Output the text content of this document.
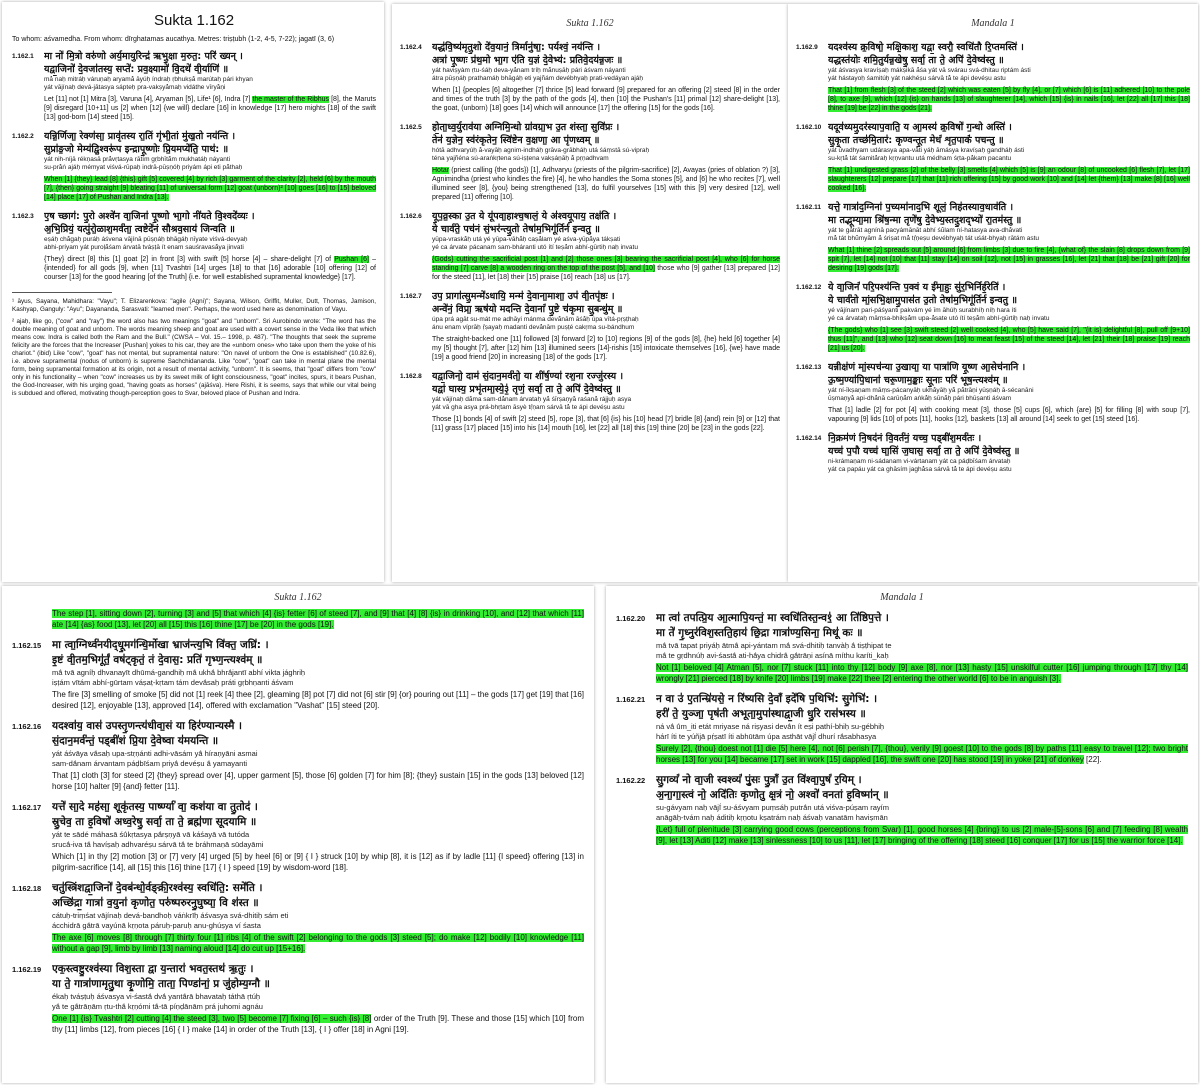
Sukta 1.162
To whom: aśvamedha. From whom: dīrghatamas aucathya. Metres: triṣṭubh (1-2, 4-5, 7-22); jagatī (3, 6)
1.162.1	मा नो॑ मि॒त्रो वरु॑णो अर्य॒मायुरिन्द्र॑ ऋभु॒क्षा म॒रुत॒: परि॑ ख्यन् ।
यद्वा॒जिनो॑ दे॒वजा॑तस्य॒ सप्ते॑: प्रव॒क्ष्यामो॑ वि॒दथे॑ वी॒र्याणि॑ ॥
mā́ naḥ mitráḥ váruṇaḥ aryamā́ āyúḥ índraḥ ṛbhukṣā́ marútaḥ pári khyan
yát vājínaḥ devá-jātasya sáptеḥ pra-vakṣyā́maḥ vidáthe vīryā̀ṇi
Let [11] not [1] Mitra [3], Varuna [4], Aryaman [5], Life¹ [6], Indra [7] the master of the Ribhus [8], the Maruts [9] disregard [10+11] us [2] when [12] {we will} declare [16] in knowledge [17] hero mights [18] of the swift [13] god-born [14] steed [15].
1.162.2	यन्नि॒र्णिजा॒ रेक्ण॑सा॒ प्रावृ॑तस्य रा॒तिं गृ॑भी॒तां मु॑ख॒तो नय॑न्ति ।
सुप्रा॑ङ॒जो मेम्य॑द्वि॒श्वरू॑प इन्द्रापू॒ष्णोः प्रि॒यमप्ये॑ति॒ पाथ॑: ॥
yát nih-níjā rékṇasā prā́vṛtasya rātím gṛbhītā́m mukhatáḥ náyanti
su-prā̀ṅ ajáḥ mémyat viśvá-rūpaḥ indrā-pūṣṇóḥ priyám ápi eti pā́thaḥ
When [1] {they} lead [8] {this} gift [5] covered [4] by rich [3] garment of the clarity [2], held [6] by the mouth [7], {then} going straight [9] bleating [11] of universal form [12] goat (unborn)² [10] goes [16] to [15] beloved [14] place [17] of Pushan and Indra [13].
1.162.3	ए॒ष च्छाग॑: पु॒रो अश्वे॑न वा॒जिना॑ पू॒ष्णो भा॒गो नी॑यते वि॒श्वदे॑व्यः ।
अ॒भि॒प्रियं॒ यत्पु॑रो॒ळाश॒मर्व॑ता॒ त्वष्टेदे॑नं सौश्रव॒साय॑ जिन्वति ॥
eṣáḥ chā́gaḥ puráḥ áśvena vājínā pūṣṇáḥ bhāgáḥ nīyate viśvá-devyaḥ
abhi-príyam yát puroḷā́śam árvatā tváṣṭā ít enam sauśravasā́ya jinvati
{They} direct [8] this [1] goat [2] in front [3] with swift [5] horse [4] – share-delight [7] of Pushan [6] – {intended} for all gods [9], when [11] Tvashtri [14] urges [18] to that [16] adorable [10] offering [12] of courser [13] for the good hearing [of the Truth] {i.e. for well established supramental knowledge} [17].
¹ āyus, Sayana, Mahidhara: "Vayu"; T. Elizarenkova: "agile (Agni)"; Sayana, Wilson, Griffit, Muller, Dutt, Thomas, Jamison, Kashyap, Ganguly: "Ayu"; Dayananda, Sarasvati: "learned men". Perhaps, the word used here as denomination of Vayu.
² ajaḥ, like go, ("cow" and "ray") the word also has two meanings "goat" and "unborn". Sri Aurobindo wrote: "The word has the double meaning of goat and unborn. The words meaning sheep and goat are used with a covert sense in the Veda like that which means cow. Indra is called both the Ram and the Bull." (CWSA – Vol. 15.– 1998, p. 487). "The thoughts that seek the supreme felicity are the forces that the Increaser [Pushan] yokes to his car, they are the «unborn ones» who take upon them the yoke of his chariot." (ibid) Like "cow", "goat" has not mental, but supramental nature: "On navel of unborn the One is established" (10.82.6), i.e. above supramental (nodus of unborn) is supreme Sachchidananda. Like "cow", "goat" can take in mental plane the mental form, being supramental formation at its origin, not a result of mental activity, "unborn". It is seems, that "goat" differs from "cow" only in his functionality – when "cow" increases us by its sweet milk of light consciousness, "goat" incites, spurs, it bears Pushan, the God-Increaser, with his urging goad, "having goats as horses" (ajāśva). Here Rishi, it is seems, says that while our vital being is subdued and offered, motivating though-perception goes to Svar, beloved place of Pushan and Indra.
Sukta 1.162
1.162.4	यद्ध॑वि॒ष्य॑मृतु॒शो दे॑व॒यानं॒ त्रिर्मानु॑षा॒: पर्यश्वं॒ नय॑न्ति ।
अत्रा॑ पू॒ष्णः प्र॑थ॒मो भा॒ग ए॑ति य॒ज्ञं दे॒वेभ्य॑: प्रतिवे॒दय॑न्न॒जः ॥
yát haviṣyàm ṛtu-śáḥ deva-yā́nam tríḥ mā́nuṣāḥ pári áśvam náyanti
átra pūṣṇáḥ prathamáḥ bhāgáḥ eti yajñám devébhyaḥ prati-vedáyan ajáḥ
When [1] {peoples [6] altogether [7] thrice [5] lead forward [9] prepared for an offering [2] steed [8] in the order and times of the truth [3] by the path of the gods [4], then [10] the Pushan's [11] primal [12] share-delight [13], the goat, (unborn) [18] goes [14] which will announce [17] the offering [15] for the gods [16].
1.162.5	हो॒ता॒ध्व॒र्युराव॑या अग्निमि॒न्धो ग्रा॑वग्रा॒भ उ॒त शंस्ता॒ सुवि॑प्रः ।
तेन॑ य॒ज्ञेन॒ स्व॑रंकृतेन॒ स्वि॑ष्टेन व॒क्षणा॒ आ पृ॑णध्वम् ॥
hótā adhvaryúḥ ā́-vayāḥ agnim-indháḥ grāva-grābháḥ utá śáṃstā sú-vipraḥ
téna yajñéna sú-araṅkṛtena sú-iṣṭena vakṣáṇāḥ ā́ pṛṇadhvam
Hotar (priest calling {the gods}) [1], Adhvaryu (priests of the pilgrim-sacrifice) [2], Avayas (pries of oblation ?) [3], Agnimindha (priest who kindles the fire) [4], he who handles the Soma stones [5], and [6] he who recites [7], well illumined seer [8], {you} being strengthened [13], do fulfil yourselves [15] with this [9] very desired [12], well prepared [11] offering [10].
1.162.6	यू॒प॒व्र॒स्का उ॒त ये यू॑पवा॒हाश्च॒षालं॒ ये अ॑श्वयू॒पाय॒ तक्ष॑ति ।
ये चार्व॑ते॒ पच॑नं सं॒भर॑न्त्यु॒तो तेषा॑म॒भिगू॑र्तिर्न इन्वतु ॥
yūpa-vraskā́ḥ utá yé yūpa-vāhā́ḥ caṣā́lam yé aśva-yūpā́ya tákṣati
yé ca árvate pácanam sam-bháranti utó ítí teṣā́m abhí-gūrtiḥ naḥ invatu
{Gods} cutting the sacrificial post [1] and [2] those ones [3] bearing the sacrificial post [4], who [6] for horse standing [7] carve [8] a wooden ring on the top of the post [5], and [10] those who [9] gather [13] prepared [12] for the steed [11], let [18] their [15] praise [16] reach [18] us [17].
1.162.7	उप॒ प्रागा॑त्सु॒मन्मे॑ऽधायि॒ मन्म॑ दे॒वाना॒माशा॒ उप॑ वी॒तपृ॑ष्ठः ।
अन्वे॑नं॒ विप्रा॒ ऋष॑यो मदन्ति दे॒वानां॑ पु॒ष्टे च॑कृमा सु॒बन्धु॑म् ॥
úpa prá agāt su-mát me adhāyi mánma devā́nām āśā́ḥ úpa vītá-pṛṣṭhaḥ
ánu enam víprāḥ ṛ́ṣayaḥ madanti devā́nām puṣṭé cakṛma su-bándhum
The straight-backed one [11] followed [3] forward [2] to [10] regions [9] of the gods [8], {he} held [6] together [4] my [5] thought [7], after [12] him [13] illumined seers [14]-rishis [15] intoxicate themselves [16], {we} have made [19] a good friend [20] in increasing [18] of the gods [17].
1.162.8	यद्वा॒जिनो॒ दाम॑ सं॒दान॒मर्व॑तो॒ या शी॑र्ष॒ण्या॑ रश॒ना रज्जु॑रस्य ।
यद्वा॑ घास्य॒ प्रभृ॑तमा॒स्ये॒३॒॑ तृणं॒ सर्वा॒ ता ते॒ अपि॑ दे॒वेष्व॑स्तु ॥
yát vājínaḥ dā́ma sam-dā́nam árvataḥ yā́ śīrṣaṇyā̀ raśanā́ rájjuḥ asya
yát vā gha asya prá-bhṛtam āsyè tṛ́ṇam sárvā tā́ te ápi devéṣu astu
Those [1] bonds [4] of swift [2] steed [5], rope [3], that [6] {is} his [10] head [7] bridle [8] {and} rein [9] or [12] that [11] grass [17] placed [15] into his [14] mouth [16], let [22] all [18] this [19] thine [20] be [23] in the gods [22].
Mandala 1
1.162.9	यदश्व॑स्य क्र॒विषो॒ मक्षि॒काश॒ यद्वा॒ स्वरौ॒ स्वधि॑तौ रि॒प्तमस्ति॑ ।
यद्धस्त॑योः शमि॒तुर्यन्न॒खेषु॒ सर्वा॒ ता ते॒ अपि॑ दे॒वेष्व॑स्तु ॥
yát áśvasya kravíṣaḥ mákṣikā ā́śa yát vā svárau svá-dhitau riptám ásti
yát hástayoḥ śamitúḥ yát nakhéṣu sárvā tā́ te ápi devéṣu astu
That [1] from flesh [3] of the steed [2] which was eaten [5] by fly [4], or [7] which [6] is [11] adhered [10] to the pole [8], to axe [9], which [12] {is} on hands [13] of slaughterer [14], which [15] {is} in nails [16], let [22] all [17] this [18] thine [19] be [22] in the gods [21].
1.162.10 यदूव॑ध्यमु॒दर॑स्याप॒वाति॒ य आ॒मस्य॑ क्र॒विषो॑ ग॒न्धो अस्ति॑ ।
सु॒कृ॒ता तच्छ॑मि॒तार॑: कृण्वन्तू॒त मेधं॑ शृत॒पाकं॑ पचन्तु ॥
yát ū́vadhyam udárasya apa-vā́ti yáḥ āmásya kravíṣaḥ gandháḥ ásti
su-kṛtā́ tát śamitā́raḥ kṛṇvantu utá médham śṛta-pā́kam pacantu
That [1] undigested grass [2] of the belly [3] smells [4] which [5] is [9] an odour [8] of uncooked [6] flesh [7], let [17] slaughterers [12] prepare [17] that [11] rich offering [15] by good work [10] and [14] let {them} [13] make [8] [16] well cooked [16].
1.162.11 यत्ते॒ गात्रा॑द॒ग्निना॑ प॒च्यमा॑नाद॒भि शूलं॒ निह॑तस्याव॒धाव॑ति ।
मा तद्भूम्या॒मा श्रि॑ष॒न्मा तृणे॑षु दे॒वेभ्य॒स्तदु॒शद्भ्यो॑ रा॒तम॑स्तु ॥
yát te gā́trāt agnínā pacyámānāt abhí śū́lam ní-hatasya ava-dhā́vati
mā́ tát bhū́myām ā́ śriṣat mā́ tṛ́ṇeṣu devébhyaḥ tát uśát-bhyaḥ rātám astu
What [1] thine [2] spreads out [5] around [6] from limbs [3] due to fire [4], {what of} the slain [8] drops down from [9] spit [7], let [14] not [10] that [11] stay [14] on soil [12], not [15] in grasses [16], let [21] that [18] be [21] gift [20] for desiring [19] gods [17].
1.162.12 ये वा॒जिनं॑ परि॒पश्य॑न्ति प॒क्वं य ई॑मा॒हुः सु॑र॒भिर्निर्ह॒रेति॑ ।
ये चार्व॑तो मां॒सभि॒क्षामु॒पास॑त उ॒तो तेषा॑म॒भिगू॑र्तिर्न इन्वतु ॥
yé vājínam pari-páśyanti pakvám yé īm āhúḥ surabhíḥ níḥ hara íti
yé ca árvataḥ māṃsa-bhikṣā́m upa-ā́sate utó ítí teṣā́m abhí-gūrtiḥ naḥ invatu
{The gods} who [1] see [3] swift steed [2] well cooked [4], who [5] have said [7], "{it is} delightful [8], pull off [9+10] thus [11]", and [13] who [12] seat down [16] to meat feast [15] of the steed [14], let [21] their [18] praise [19] reach [21] us [20].
1.162.13 यन्नीक्ष॑णं मां॒स्पच॑न्या उ॒खाया॒ या पात्रा॑णि यू॒ष्ण आ॒सेच॑नानि ।
ऊ॒ष्म॒ण्या॑पि॒धाना॑ चरू॒णाम॒ङ्काः सू॒नाः परि॑ भूष॒न्त्यश्व॑म् ॥
yát ní-īkṣaṇam māṃs-pácanyāḥ ukhā́yāḥ yā́ pā́trāṇi yūṣṇáḥ ā-sécanāni
ūṣmaṇyā̀ api-dhā́nā carūṇā́m aṅkā́ḥ sūnā́ḥ pári bhūṣanti áśvam
That [1] ladle [2] for pot [4] with cooking meat [3], those [5] cups [6], which {are} [5] for filling [8] with soup [7], vapouring [9] lids [10] of pots [11], hooks [12], baskets [13] all around [14] seek to get [15] steed [16].
1.162.14 नि॒क्रम॑णं नि॒षद॑नं वि॒वर्त॑नं॒ यच्च॒ पड्बी॑श॒मर्व॑तः ।
यच्च॑ प॒पौ यच्च॑ घा॒सिं ज॒घास॒ सर्वा॒ ता ते॒ अपि॑ दे॒वेष्व॑स्तु ॥
ni-krámaṇam ni-sádanam vi-vártanam yát ca páḍbīśam árvataḥ
yát ca papáu yát ca ghāsím jaghā́sa sárvā tā́ te ápi devéṣu astu
Sukta 1.162
The step [1], sitting down [2], turning [3] and [5] that which [4] {is} fetter [6] of steed [7], and [9] that [4] [8] {is} in drinking [10], and [12] that which [11] ate [14] {as} food [13], let [20] all [15] this [16] thine [17] be [20] in the gods [19].
1.162.15	मा त्वा॒ग्निर्ध्व॑नयीद्धू॒मग॑न्धि॒र्मोखा भ्राज॑न्त्य॒भि वि॑क्त॒ जघ्रि॑: ।
इ॒ष्टं वी॒तम॒भिगू॑र्तं॒ वष॑ट्कृतं॒ तं दे॒वास॒: प्रति॑ गृभ्ण॒न्त्यश्व॑म् ॥
mā́ tvā agníḥ dhvanayīt dhūmá-gandhiḥ mā́ ukhā́ bhrā́jantī abhí vikta jághriḥ
iṣṭám vītám abhí-gūrtam váṣaṭ-kṛtam tám devā́saḥ práti gṛbhṇanti áśvam
The fire [3] smelling of smoke [5] did not [1] reek [4] thee [2], gleaming [8] pot [7] did not [6] stir [9] {or} pouring out [11] – the gods [17] get [19] that [16] desired [12], enjoyable [13], approved [14], offered with exclamation "Vashat" [15] steed [20].
1.162.16	यदश्वा॑य॒ वास॑ उपस्तृ॒णन्त्य॑धीवा॒सं या हिर॑ण्यान्यस्मै ।
सं॒दान॒मर्व॑न्तं॒ पड्बी॑शं प्रि॒या दे॒वेष्वा य॑मयन्ति ॥
yát áśvāya vā́saḥ upa-stṛṇánti adhi-vāsám yā́ híraṇyāni asmai
sam-dā́nam árvantam páḍbīśam priyā́ devéṣu ā́ yamayanti
That [1] cloth [3] for steed [2] {they} spread over [4], upper garment [5], those [6] golden [7] for him [8]; {they} sustain [15] in the gods [13] beloved [12] horse [10] halter [9] {and} fetter [11].
1.162.17	यत्ते॑ सा॒दे मह॑सा॒ शूकृ॑तस्य॒ पार्ष्ण्या॑ वा॒ कश॑या वा तु॒तोद॑ ।
स्रु॒चेव॒ ता ह॒विषो॑ अध्व॒रेषु॒ सर्वा॒ ता ते॒ ब्रह्म॑णा सूदयामि ॥
yát te sādé máhasā śū́kṛtasya pā́rṣṇyā vā káśayā vā tutóda
srucā́-iva tā́ havíṣaḥ adhvaréṣu sárvā tā́ te bráhmaṇā sūdayāmi
Which [1] in thy [2] motion [3] or [7] very [4] urged [5] by heel [6] or [9] { I } struck [10] by whip [8], it is [12] as if by ladle [11] {I speed} offering [13] in pilgrim-sacrifice [14], all [15] this [16] thine [17] { I } speed [19] by wisdom-word [18].
1.162.18	चतु॑स्त्रिंशद्वा॒जिनो॑ दे॒वब॑न्धो॒र्वङ्क्री॒रश्व॑स्य॒ स्वधि॑ति॒: समे॑ति ।
अच्छि॑द्रा॒ गात्रा॑ व॒युना॑ कृणोत॒ परु॑ष्परुरनु॒घुष्या॒ वि श॑स्त ॥
cátuḥ-triṃśat vājínaḥ devá-bandhoḥ váṅkrīḥ áśvasya svá-dhitiḥ sám eti
ácchidrā gā́trā vayúnā kṛṇota páruḥ-paruḥ anu-ghúṣya ví śasta
The axe [6] moves [8] through [7] thirty four [1] ribs [4] of the swift [2] belonging to the gods [3] steed [5]; do make [12] bodily [10] knowledge [11] without a gap [9], limb by limb [13] naming aloud [14] do cut up [15+16].
1.162.19	एक॒स्त्वष्टु॒रश्व॑स्या विश॒स्ता द्वा य॒न्तारा॑ भवत॒स्तथ॑ ऋ॒तुः ।
या ते॒ गात्रा॑णामृतु॒था कृ॒णोमि॒ ताता॒ पिण्डा॑नां॒ प्र जु॑होम्य॒ग्नौ ॥
ékaḥ tváṣṭuḥ áśvasya vi-śastā́ dvā́ yantā́rā bhavataḥ táthā ṛtúḥ
yā́ te gā́trāṇām ṛtu-thā́ kṛṇómi tā́-tā píṇḍānām prá juhomi agnáu
One [1] {is} Tvashtri [2] cutting [4] the steed [3], two [5] become [7] fixing [6] – such {is} [8] order of the Truth [9]. These and those [15] which [10] from thy [11] limbs [12], from pieces [16] { I } make [14] in order of the Truth [13], { I } offer [18] in Agni [19].
Mandala 1
1.162.20	मा त्वा॑ तपत्प्रि॒य आ॒त्मापि॒यन्तं॒ मा स्वधि॑तिस्त॒न्व१॒॑ आ ति॑ष्ठिप॒त्ते ।
मा ते॑ गृ॒ध्नुर॑विश॒स्तति॒हाय॑ छि॒द्रा गात्रा॑ण्य॒सिना॒ मिथू॑ कः ॥
mā́ tvā tapat priyáḥ ātmā́ api-yántam mā́ svá-dhitiḥ tanvàḥ ā́ tiṣṭhipat te
mā́ te gṛdhnúḥ avi-śastā́ ati-hā́ya chidrā́ gā́trāṇi asínā míthu karíti_kaḥ
Not [1] beloved [4] Atman [5], nor [7] stuck [11] into thy [12] body [9] axe [8], nor [13] hasty [15] unskilful cutter [16] jumping through [17] thy [14] wrongly [21] pierced [18] by knife [20] limbs [19] make [22] thee [2] entering the other world [6] to be in anguish [3].
1.162.21	न वा उ॑ ए॒तन्म्रि॑यसे॒ न रि॑ष्यसि दे॒वाँ इदे॑षि प॒थिभि॑: सु॒गेभि॑: ।
हरी॑ ते॒ युञ्जा॒ पृष॑ती अभूता॒मुपा॑स्थाद्वा॒जी धु॒रि रास॑भस्य ॥
ná vā́ ū́m_iti etát mriyase ná riṣyasi devā́n ít eṣi pathí-bhiḥ su-gébhiḥ
hárī íti te yúñjā pṛ́ṣatī íti abhūtām úpa asthāt vājī́ dhurí rā́sabhasya
Surely [2], {thou} doest not [1] die [5] here [4], not [6] perish [7], {thou}, verily [9] goest [10] to the gods [8] by paths [11] easy to travel [12]; two bright horses [13] for you [14] became [17] set in work [15] dappled [16], the swift one [20] has stood [19] in yoke [21] of donkey [22].
1.162.22	सु॒गव्यं॑ नो वा॒जी स्वश्व्यं॑ पुं॒सः पु॒त्राँ उ॒त वि॑श्वा॒पुषं॑ र॒यिम् ।
अ॒ना॒गा॒स्त्वं नो॒ अदि॑तिः कृणोतु क्ष॒त्रं नो॒ अश्वो॑ वनतां ह॒विष्मा॑न् ॥
su-gávyam naḥ vājī́ su-áśvyam puṃsáḥ putrā́n utá viśva-púṣam rayím
anāgāḥ-tvám naḥ áditiḥ kṛṇotu kṣatrám naḥ áśvaḥ vanatām haviṣmān
{Let} full of plenitude [3] carrying good cows (perceptions from Svar) [1], good horses [4] {bring} to us [2] male-[5]-sons [6] and [7] feeding [8] wealth [9], let [13] Aditi [12] make [13] sinlessness [10] to us [11], let [17] bringing of the offering [18] steed [16] conquer [17] for us [15] the warrior force [14].
